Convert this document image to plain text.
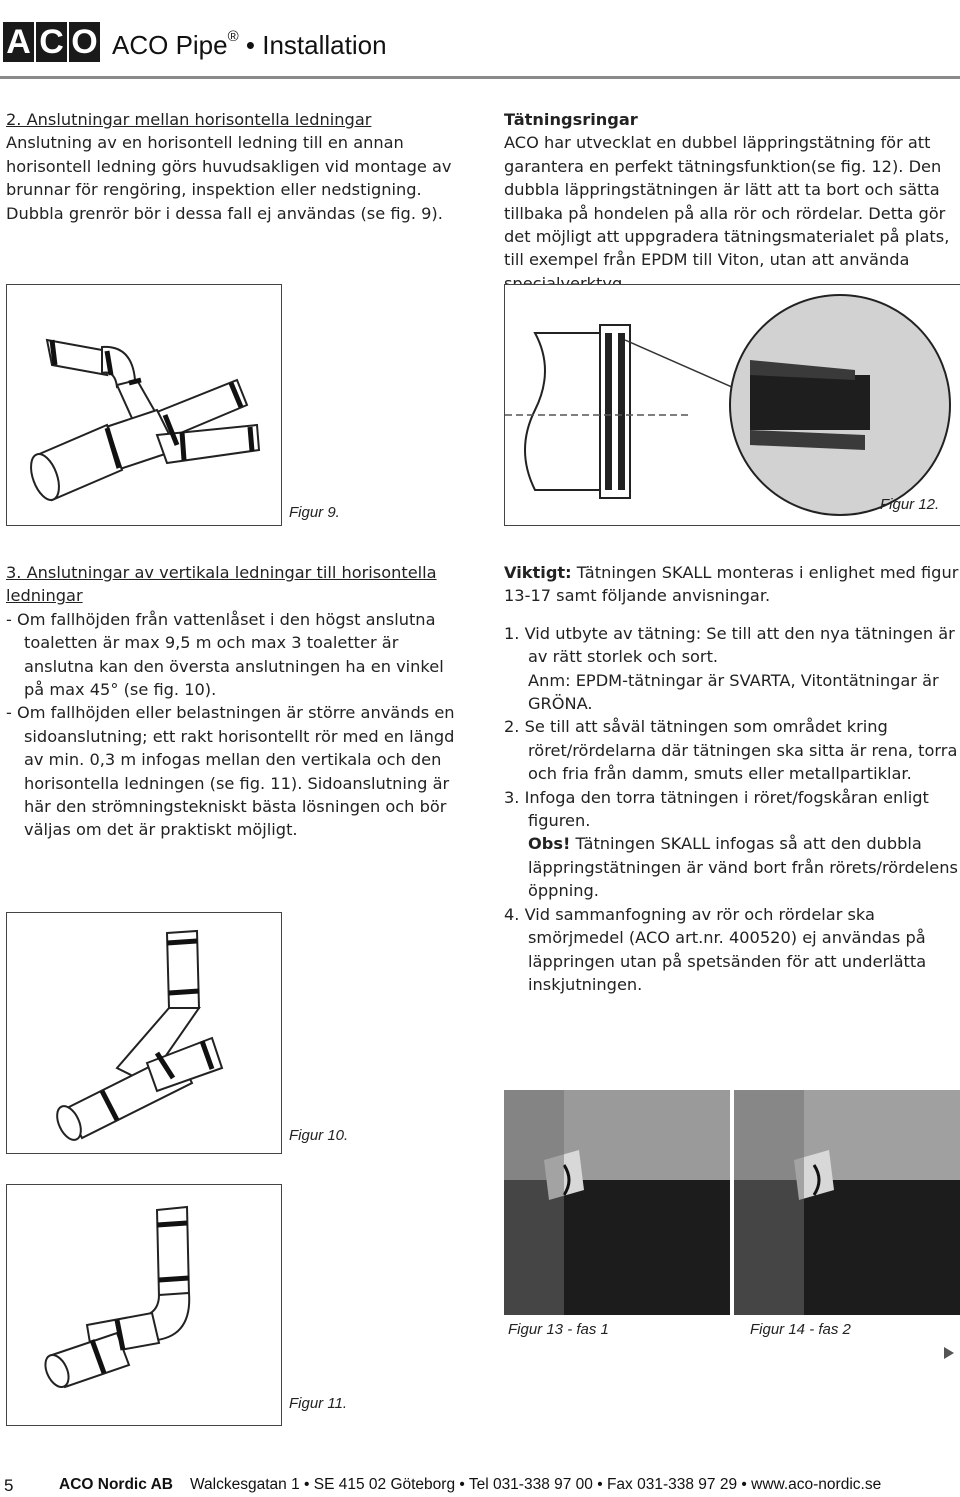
A C O ACO Pipe® • Installation

2. Anslutningar mellan horisontella ledningar

Anslutning av en horisontell ledning till en annan horisontell ledning görs huvudsakligen vid montage av brunnar för rengöring, inspektion eller nedstigning. Dubbla grenrör bör i dessa fall ej användas (se fig. 9).

Tätningsringar

ACO har utvecklat en dubbel läppringstätning för att garantera en perfekt tätningsfunktion(se fig. 12). Den dubbla läppringstätningen är lätt att ta bort och sätta tillbaka på hondelen på alla rör och rördelar. Detta gör det möjligt att uppgradera tätningsmaterialet på plats, till exempel från EPDM till Viton, utan att använda

Figur 9.	Figur 12.

3. Anslutningar av vertikala ledningar till horisontella ledningar

- Om fallhöjden från vattenlåset i den högst anslutna toaletten är max 9,5 m och max 3 toaletter är anslutna kan den översta anslutningen ha en vinkel på max 45° (se fig. 10).

- Om fallhöjden eller belastningen är större används en sidoanslutning; ett rakt horisontellt rör med en längd av min. 0,3 m infogas mellan den vertikala och den horisontella ledningen (se fig. 11). Sidoanslutning är här den strömningstekniskt bästa lösningen och bör väljas om det är praktiskt möjligt.

Viktigt: Tätningen SKALL monteras i enlighet med figur 13-17 samt följande anvisningar.

1. Vid utbyte av tätning: Se till att den nya tätningen är av rätt storlek och sort.

Anm: EPDM-tätningar är SVARTA, Vitontätningar är GRÖNA.

2. Se till att såväl tätningen som området kring röret/rördelarna där tätningen ska sitta är rena, torra och fria från damm, smuts eller metallpartiklar.

3. Infoga den torra tätningen i röret/fogskåran enligt figuren.

Obs! Tätningen SKALL infogas så att den dubbla läppringstätningen är vänd bort från rörets/rördelens öppning.

4. Vid sammanfogning av rör och rördelar ska smörjmedel (ACO art.nr. 400520) ej användas på läppringen utan på spetsänden för att underlätta inskjutningen.

Figur 10.
Figur 13 - fas 1	Figur 14 - fas 2
Figur 11.
5	ACO Nordic AB Walckesgatan 1 • SE 415 02 Göteborg • Tel 031-338 97 00 • Fax 031-338 97 29 • www.aco-nordic.se
